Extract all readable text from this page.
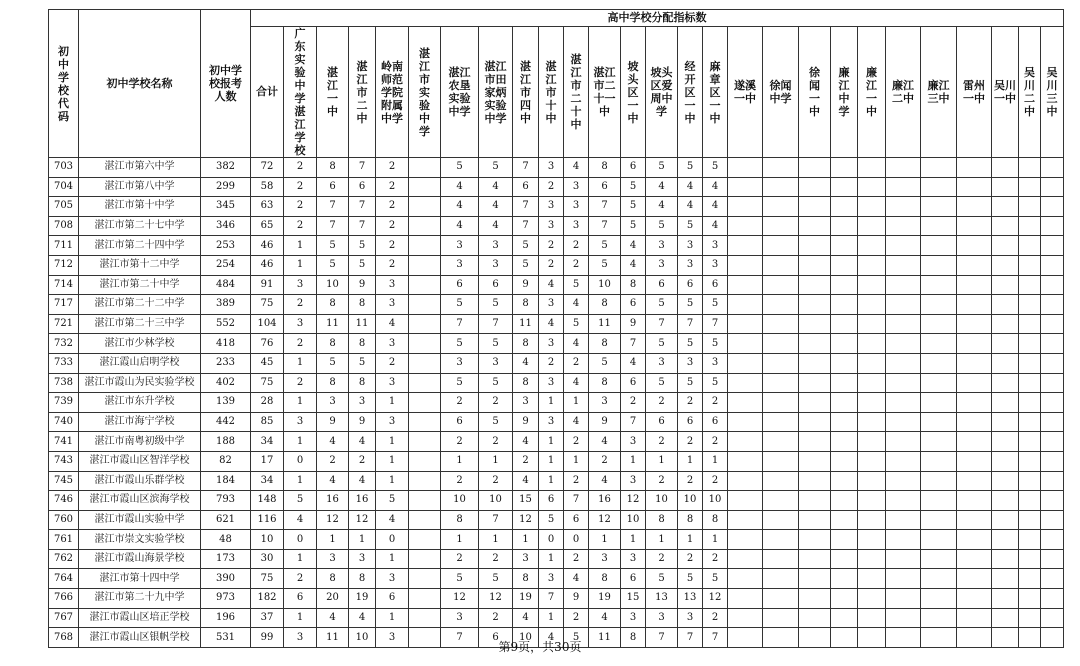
初中学校代码	初中学校名称	初中学校报考人数	高中学校分配指标数																										
			合计	广东实验中学湛江学校	湛江一中	湛江市二中	岭南师范学院附属中学	湛江市实验中学	湛江农垦实验中学	湛江市田家炳实验中学	湛江市四中	湛江市十中	湛江市二十中	湛江市二十一中	坡头区一中	坡头区爱周中学	经开区一中	麻章区一中	遂溪一中	徐闻中学	徐闻一中	廉江中学	廉江一中	廉江二中	廉江三中	雷州一中	吴川一中	吴川二中	吴川三中
703	湛江市第六中学	382	72	2	8	7	2		5	5	7	3	4	8	6	5	5	5											
704	湛江市第八中学	299	58	2	6	6	2		4	4	6	2	3	6	5	4	4	4											
705	湛江市第十中学	345	63	2	7	7	2		4	4	7	3	3	7	5	4	4	4											
708	湛江市第二十七中学	346	65	2	7	7	2		4	4	7	3	3	7	5	5	5	4											
711	湛江市第二十四中学	253	46	1	5	5	2		3	3	5	2	2	5	4	3	3	3											
712	湛江市第十二中学	254	46	1	5	5	2		3	3	5	2	2	5	4	3	3	3											
714	湛江市第二十中学	484	91	3	10	9	3		6	6	9	4	5	10	8	6	6	6											
717	湛江市第二十二中学	389	75	2	8	8	3		5	5	8	3	4	8	6	5	5	5											
721	湛江市第二十三中学	552	104	3	11	11	4		7	7	11	4	5	11	9	7	7	7											
732	湛江市少林学校	418	76	2	8	8	3		5	5	8	3	4	8	7	5	5	5											
733	湛江霞山启明学校	233	45	1	5	5	2		3	3	4	2	2	5	4	3	3	3											
738	湛江市霞山为民实验学校	402	75	2	8	8	3		5	5	8	3	4	8	6	5	5	5											
739	湛江市东升学校	139	28	1	3	3	1		2	2	3	1	1	3	2	2	2	2											
740	湛江市海宁学校	442	85	3	9	9	3		6	5	9	3	4	9	7	6	6	6											
741	湛江市南粤初级中学	188	34	1	4	4	1		2	2	4	1	2	4	3	2	2	2											
743	湛江市霞山区智洋学校	82	17	0	2	2	1		1	1	2	1	1	2	1	1	1	1											
745	湛江市霞山乐群学校	184	34	1	4	4	1		2	2	4	1	2	4	3	2	2	2											
746	湛江市霞山区滨海学校	793	148	5	16	16	5		10	10	15	6	7	16	12	10	10	10											
760	湛江市霞山实验中学	621	116	4	12	12	4		8	7	12	5	6	12	10	8	8	8											
761	湛江市崇文实验学校	48	10	0	1	1	0		1	1	1	0	0	1	1	1	1	1											
762	湛江市霞山海景学校	173	30	1	3	3	1		2	2	3	1	2	3	3	2	2	2											
764	湛江市第十四中学	390	75	2	8	8	3		5	5	8	3	4	8	6	5	5	5											
766	湛江市第二十九中学	973	182	6	20	19	6		12	12	19	7	9	19	15	13	13	12											
767	湛江市霞山区培正学校	196	37	1	4	4	1		3	2	4	1	2	4	3	3	3	2											
768	湛江市霞山区银帆学校	531	99	3	11	10	3		7	6	10	4	5	11	8	7	7	7											
第9页，共30页
